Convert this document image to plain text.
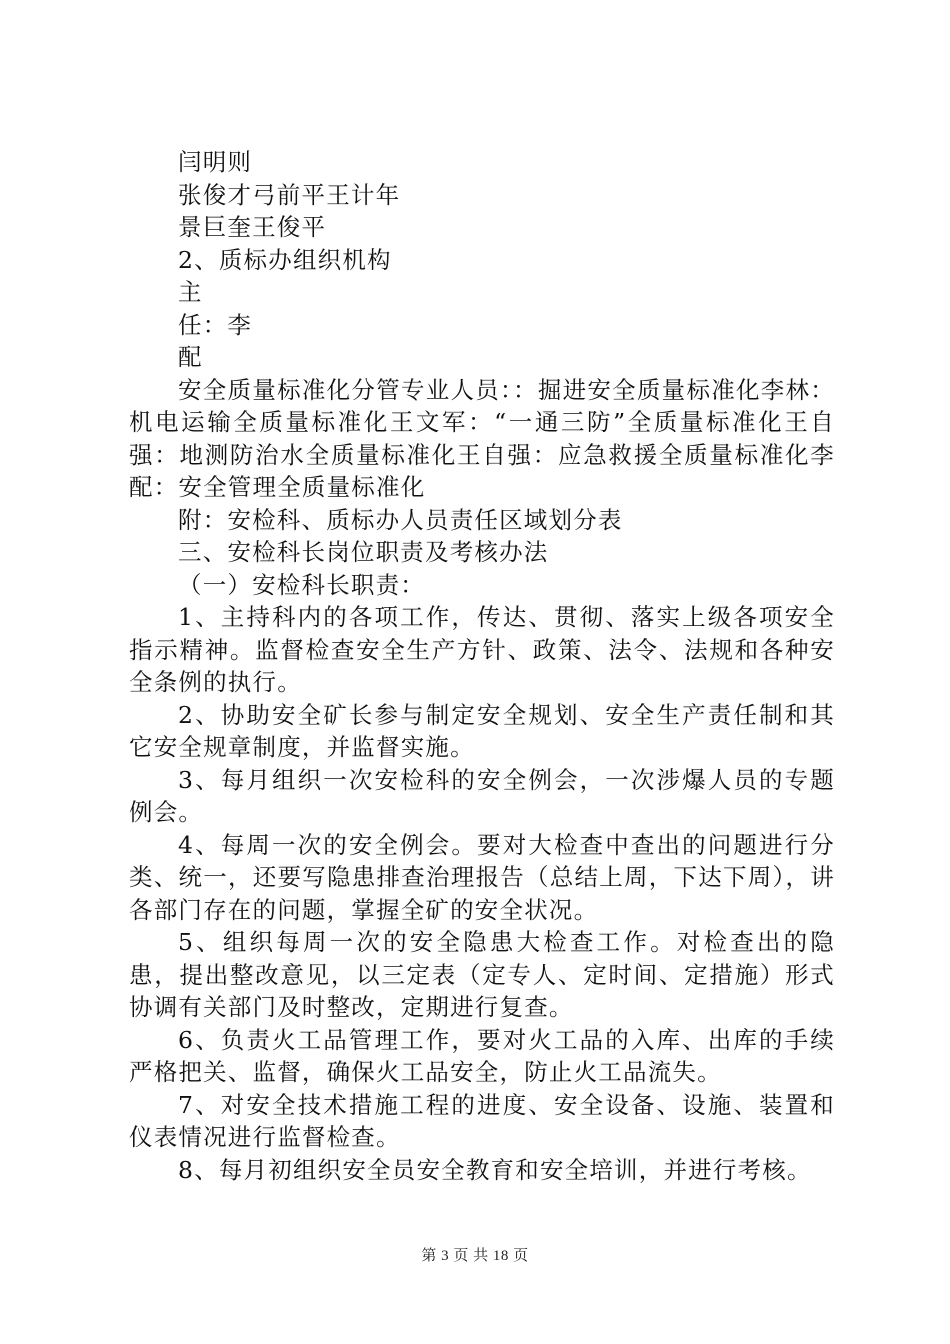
闫明则

张俊才弓前平王计年

景巨奎王俊平

2、质标办组织机构

主

任：李

配

安全质量标准化分管专业人员：：掘进安全质量标准化李林：机电运输全质量标准化王文军：“一通三防”全质量标准化王自强：地测防治水全质量标准化王自强：应急救援全质量标准化李配：安全管理全质量标准化

附：安检科、质标办人员责任区域划分表

三、安检科长岗位职责及考核办法

（一）安检科长职责：

1、主持科内的各项工作，传达、贯彻、落实上级各项安全指示精神。监督检查安全生产方针、政策、法令、法规和各种安全条例的执行。

2、协助安全矿长参与制定安全规划、安全生产责任制和其它安全规章制度，并监督实施。

3、每月组织一次安检科的安全例会，一次涉爆人员的专题例会。

4、每周一次的安全例会。要对大检查中查出的问题进行分类、统一，还要写隐患排查治理报告（总结上周，下达下周），讲各部门存在的问题，掌握全矿的安全状况。

5、组织每周一次的安全隐患大检查工作。对检查出的隐患，提出整改意见，以三定表（定专人、定时间、定措施）形式协调有关部门及时整改，定期进行复查。

6、负责火工品管理工作，要对火工品的入库、出库的手续严格把关、监督，确保火工品安全，防止火工品流失。

7、对安全技术措施工程的进度、安全设备、设施、装置和仪表情况进行监督检查。

8、每月初组织安全员安全教育和安全培训，并进行考核。

第 3 页 共 18 页
